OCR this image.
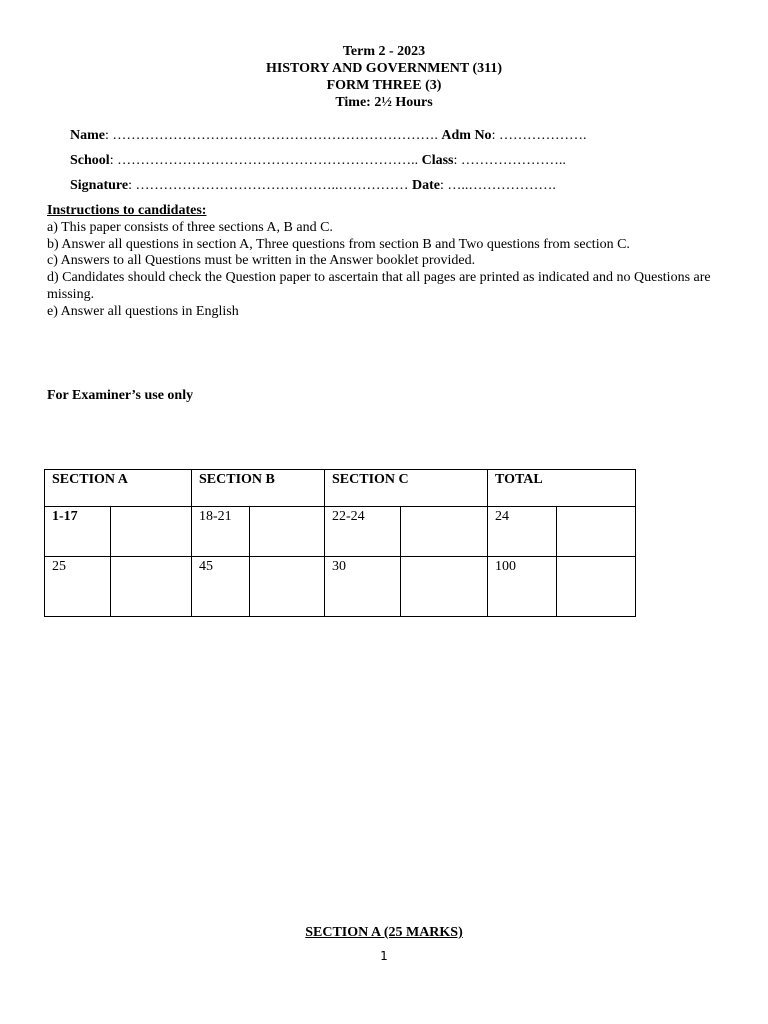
Term 2 - 2023
HISTORY AND GOVERNMENT (311)
FORM THREE (3)
Time: 2½ Hours
Name: ……………………………………………………………. Adm No: ……………….
School: ……………………………………………………….. Class: …………………..
Signature: ……………………………………..…………… Date: …..……………….
Instructions to candidates:
a) This paper consists of three sections A, B and C.
b) Answer all questions in section A, Three questions from section B and Two questions from section C.
c) Answers to all Questions must be written in the Answer booklet provided.
d) Candidates should check the Question paper to ascertain that all pages are printed as indicated and no Questions are missing.
e) Answer all questions in English
For Examiner’s use only
SECTION A		SECTION B		SECTION C		TOTAL	
1-17		18-21		22-24		24	
25		45		30		100	
SECTION A (25 MARKS)
1
